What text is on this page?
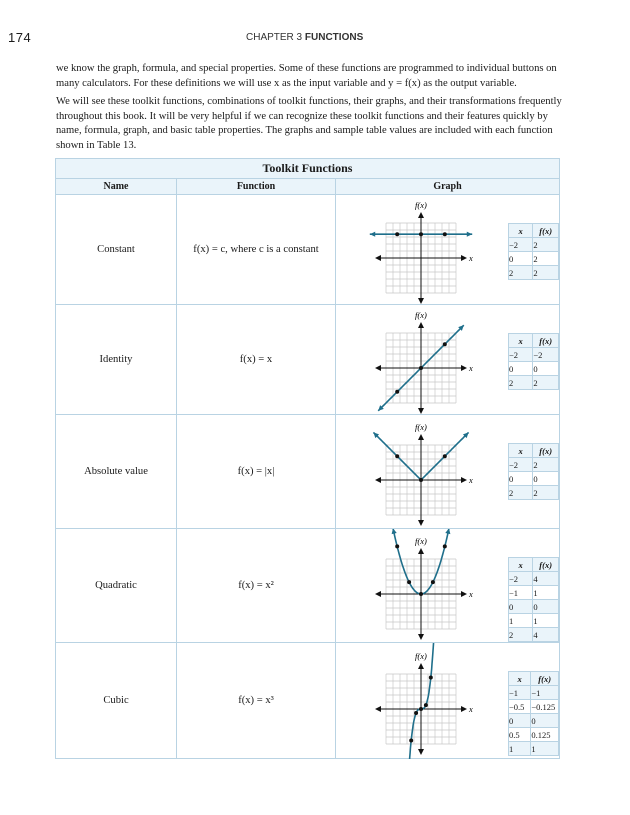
174	CHAPTER 3 FUNCTIONS

we know the graph, formula, and special properties. Some of these functions are programmed to individual buttons on many calculators. For these definitions we will use x as the input variable and y = f(x) as the output variable.

We will see these toolkit functions, combinations of toolkit functions, their graphs, and their transformations frequently throughout this book. It will be very helpful if we can recognize these toolkit functions and their features quickly by name, formula, graph, and basic table properties. The graphs and sample table values are included with each function shown in Table 13.

Toolkit Functions
Name	Function	Graph
Constant	f(x) = c, where c is a constant	
f(x)
x
x	f(x)
−2	2
0	2
2	2

Identity	f(x) = x	
f(x)
x
x	f(x)
−2	−2
0	0
2	2

Absolute value	f(x) = |x|	
f(x)
x
x	f(x)
−2	2
0	0
2	2

Quadratic	f(x) = x²	
f(x)
x
x	f(x)
−2	4
−1	1
0	0
1	1
2	4

Cubic	f(x) = x³	
f(x)
x
x	f(x)
−1	−1
−0.5	−0.125
0	0
0.5	0.125
1	1
